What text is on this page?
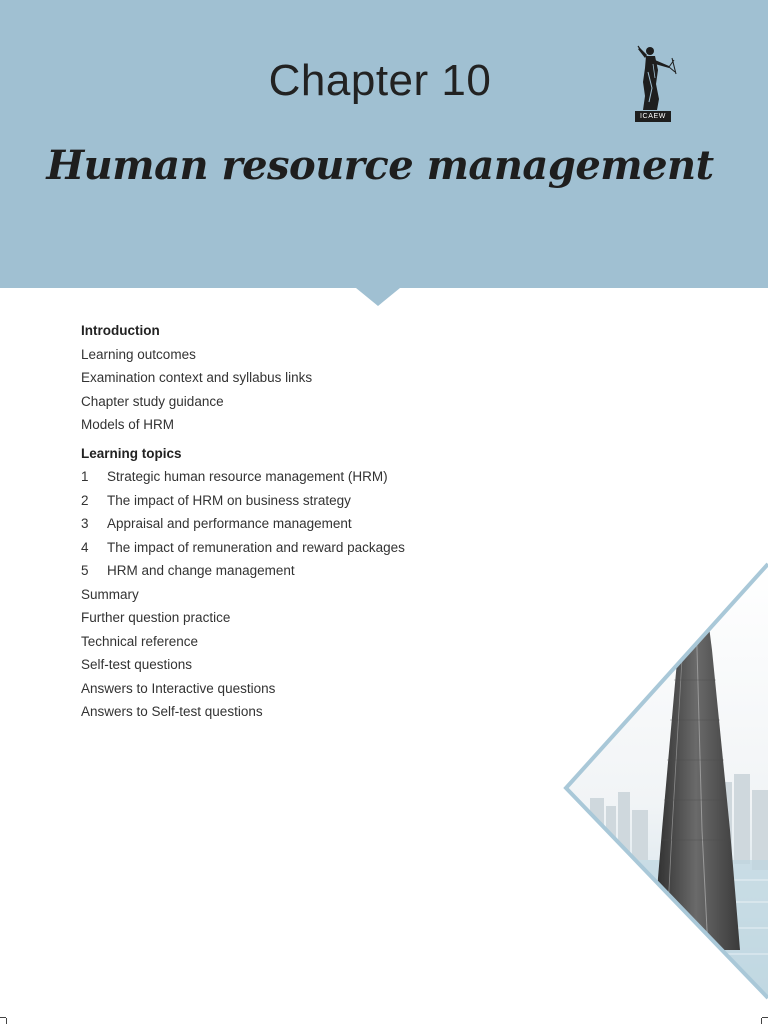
Chapter 10
Human resource management
ICAEW
Introduction
Learning outcomes
Examination context and syllabus links
Chapter study guidance
Models of HRM
Learning topics
1 Strategic human resource management (HRM)
2 The impact of HRM on business strategy
3 Appraisal and performance management
4 The impact of remuneration and reward packages
5 HRM and change management
Summary
Further question practice
Technical reference
Self-test questions
Answers to Interactive questions
Answers to Self-test questions
